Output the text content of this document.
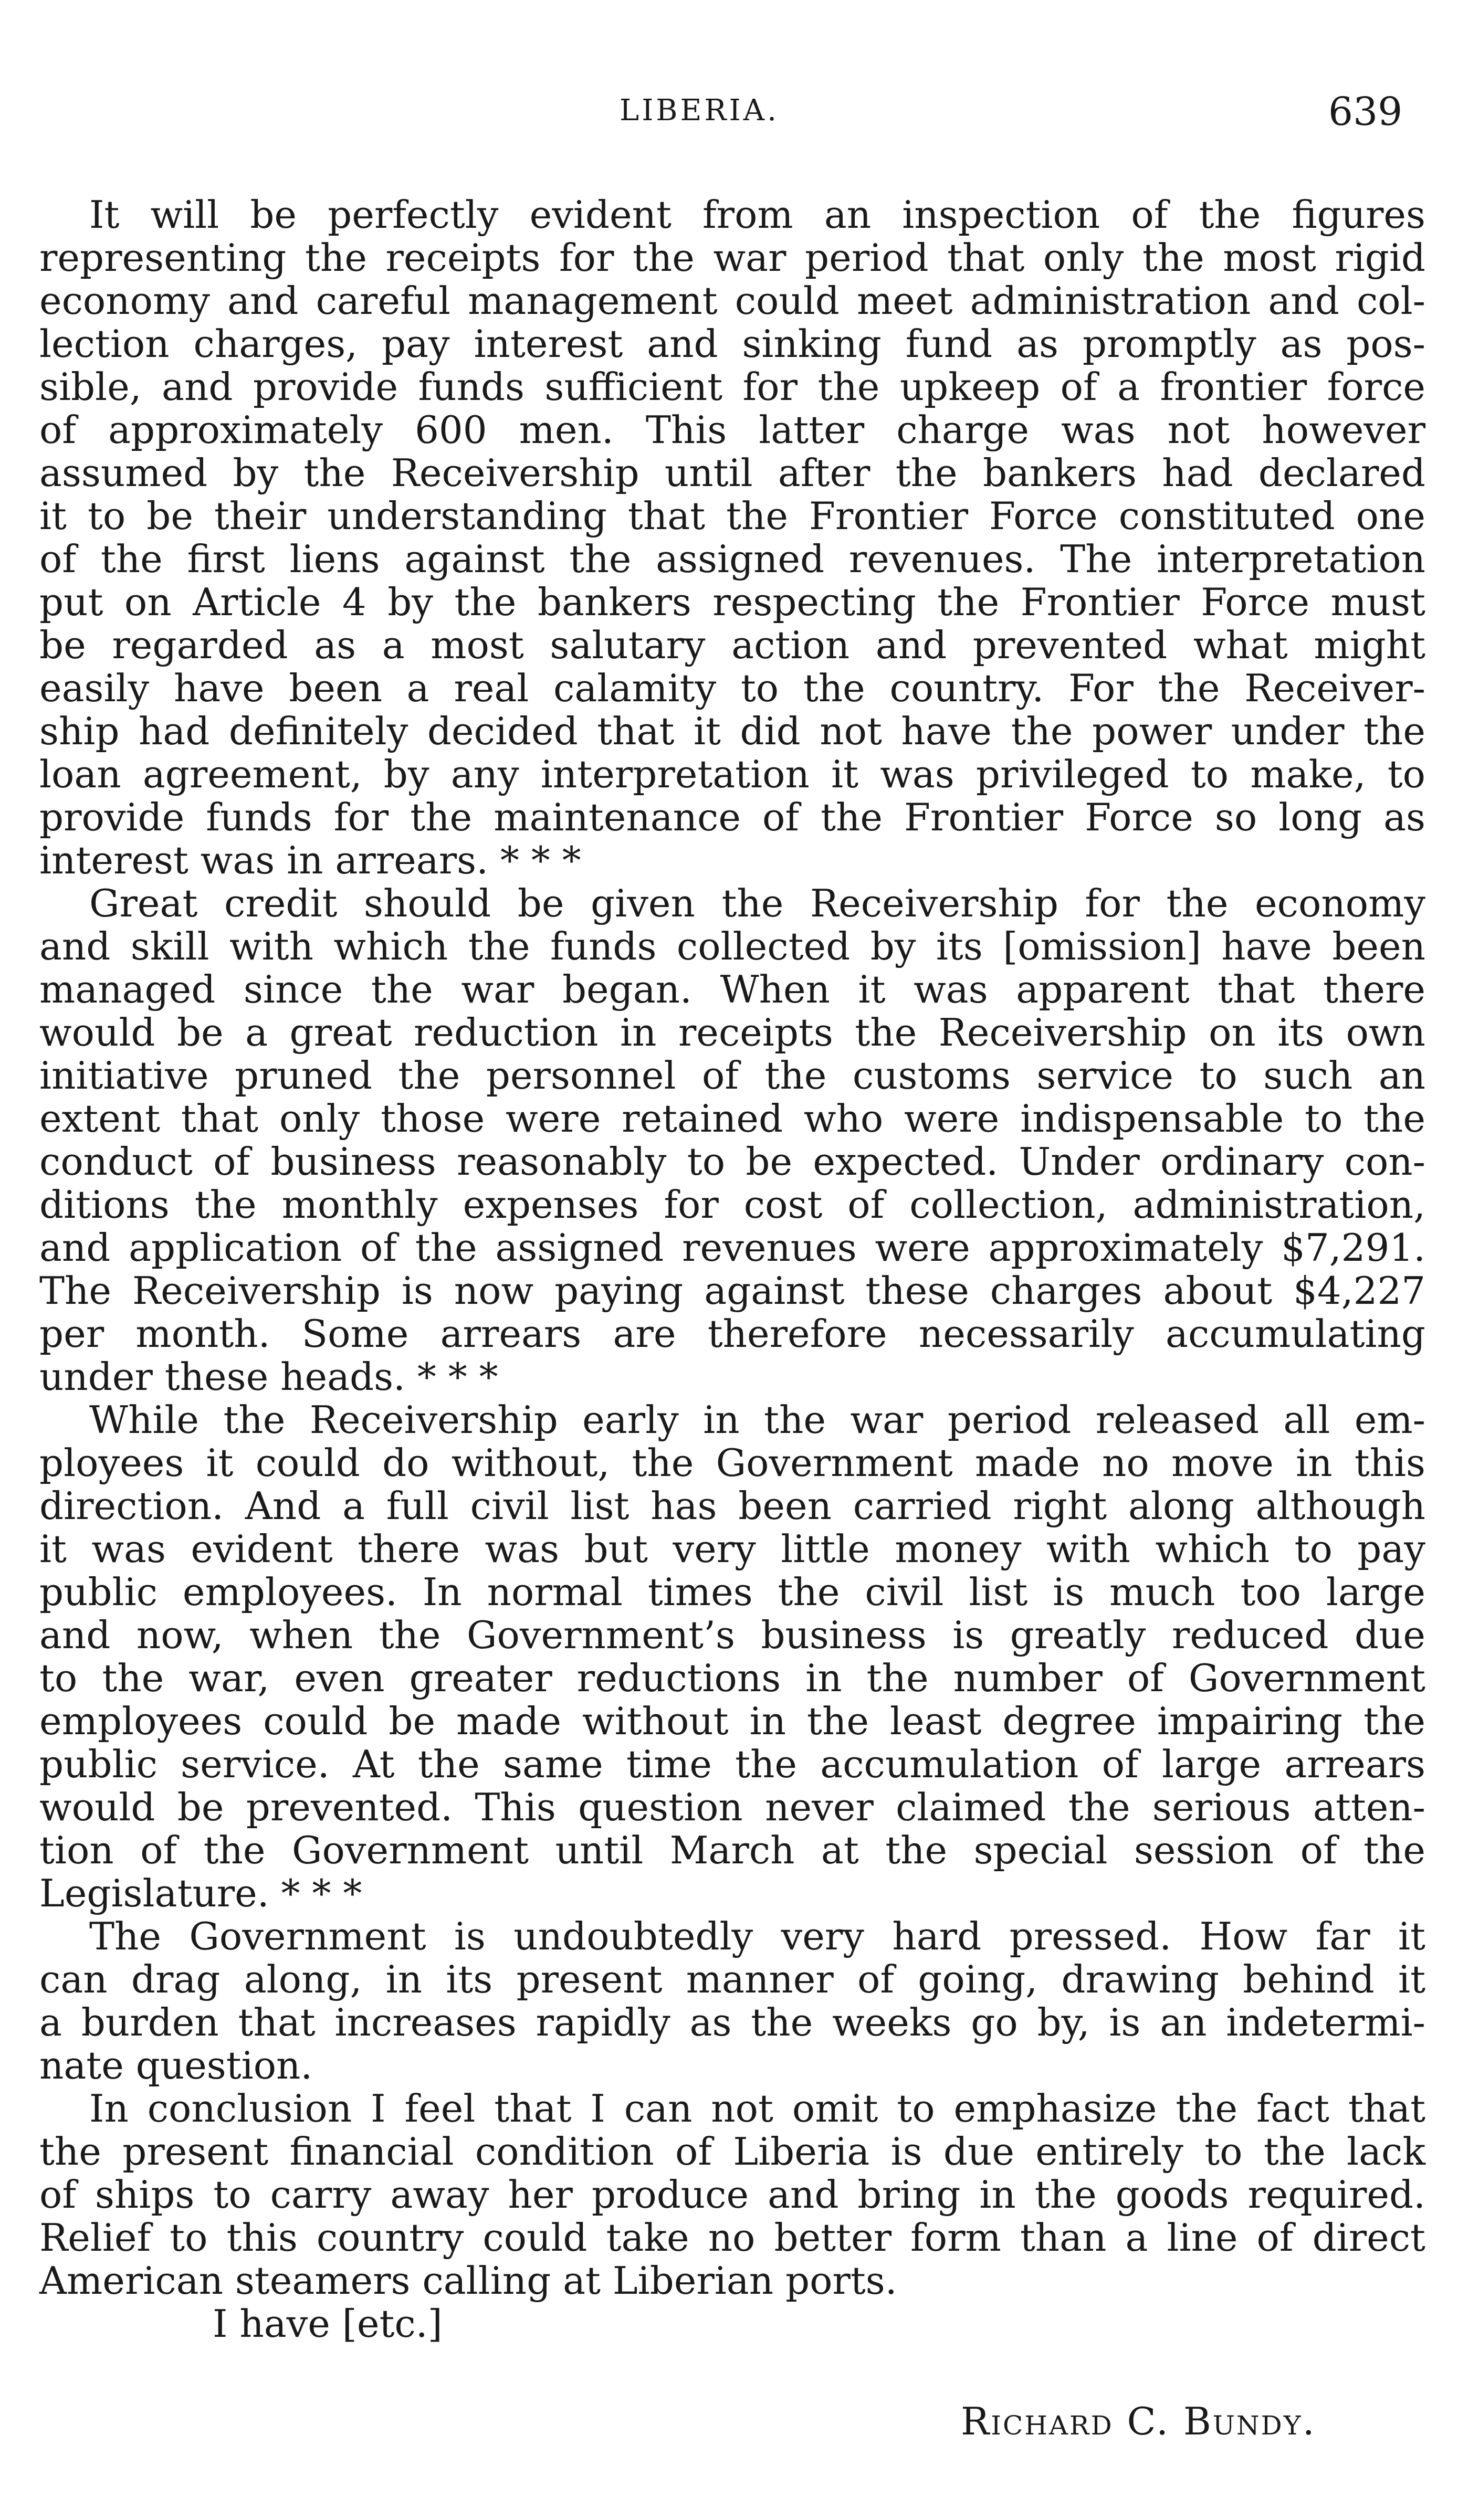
LIBERIA.	639
It will be perfectly evident from an inspection of the figures
representing the receipts for the war period that only the most rigid
economy and careful management could meet administration and col-
lection charges, pay interest and sinking fund as promptly as pos-
sible, and provide funds sufficient for the upkeep of a frontier force
of approximately 600 men. This latter charge was not however
assumed by the Receivership until after the bankers had declared
it to be their understanding that the Frontier Force constituted one
of the first liens against the assigned revenues. The interpretation
put on Article 4 by the bankers respecting the Frontier Force must
be regarded as a most salutary action and prevented what might
easily have been a real calamity to the country. For the Receiver-
ship had definitely decided that it did not have the power under the
loan agreement, by any interpretation it was privileged to make, to
provide funds for the maintenance of the Frontier Force so long as
interest was in arrears. * * *
Great credit should be given the Receivership for the economy
and skill with which the funds collected by its [omission] have been
managed since the war began. When it was apparent that there
would be a great reduction in receipts the Receivership on its own
initiative pruned the personnel of the customs service to such an
extent that only those were retained who were indispensable to the
conduct of business reasonably to be expected. Under ordinary con-
ditions the monthly expenses for cost of collection, administration,
and application of the assigned revenues were approximately $7,291.
The Receivership is now paying against these charges about $4,227
per month. Some arrears are therefore necessarily accumulating
under these heads. * * *
While the Receivership early in the war period released all em-
ployees it could do without, the Government made no move in this
direction. And a full civil list has been carried right along although
it was evident there was but very little money with which to pay
public employees. In normal times the civil list is much too large
and now, when the Government’s business is greatly reduced due
to the war, even greater reductions in the number of Government
employees could be made without in the least degree impairing the
public service. At the same time the accumulation of large arrears
would be prevented. This question never claimed the serious atten-
tion of the Government until March at the special session of the
Legislature. * * *
The Government is undoubtedly very hard pressed. How far it
can drag along, in its present manner of going, drawing behind it
a burden that increases rapidly as the weeks go by, is an indetermi-
nate question.
In conclusion I feel that I can not omit to emphasize the fact that
the present financial condition of Liberia is due entirely to the lack
of ships to carry away her produce and bring in the goods required.
Relief to this country could take no better form than a line of direct
American steamers calling at Liberian ports.
I have [etc.]
Richard C. Bundy.
